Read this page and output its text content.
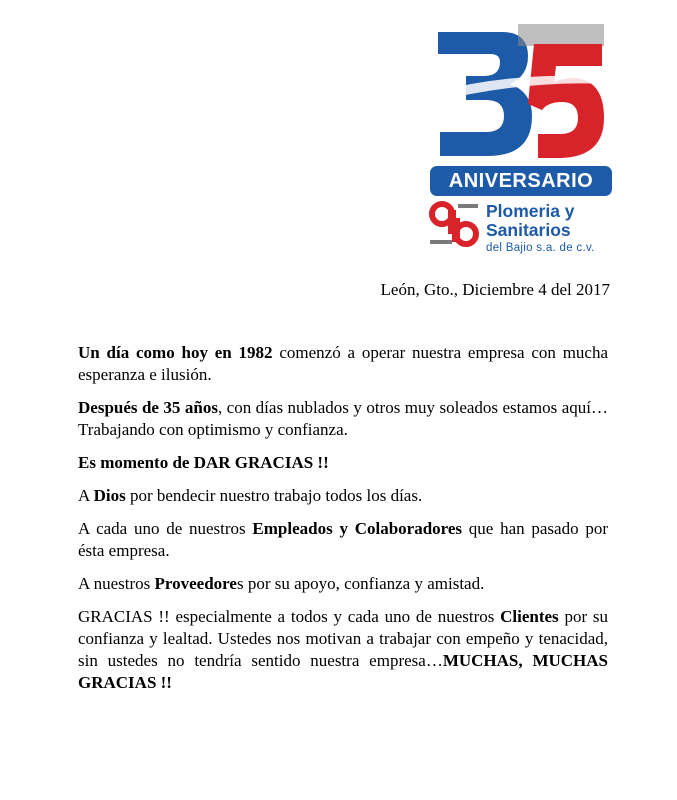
ANIVERSARIO
Plomeria y
Sanitarios
del Bajio s.a. de c.v.
León, Gto., Diciembre 4 del 2017

Un día como hoy en 1982 comenzó a operar nuestra empresa con mucha esperanza e ilusión.

Después de 35 años, con días nublados y otros muy soleados estamos aquí… Trabajando con optimismo y confianza.

Es momento de DAR GRACIAS !!

A Dios por bendecir nuestro trabajo todos los días.

A cada uno de nuestros Empleados y Colaboradores que han pasado por ésta empresa.

A nuestros Proveedores por su apoyo, confianza y amistad.

GRACIAS !! especialmente a todos y cada uno de nuestros Clientes por su confianza y lealtad. Ustedes nos motivan a trabajar con empeño y tenacidad, sin ustedes no tendría sentido nuestra empresa…MUCHAS, MUCHAS GRACIAS !!
